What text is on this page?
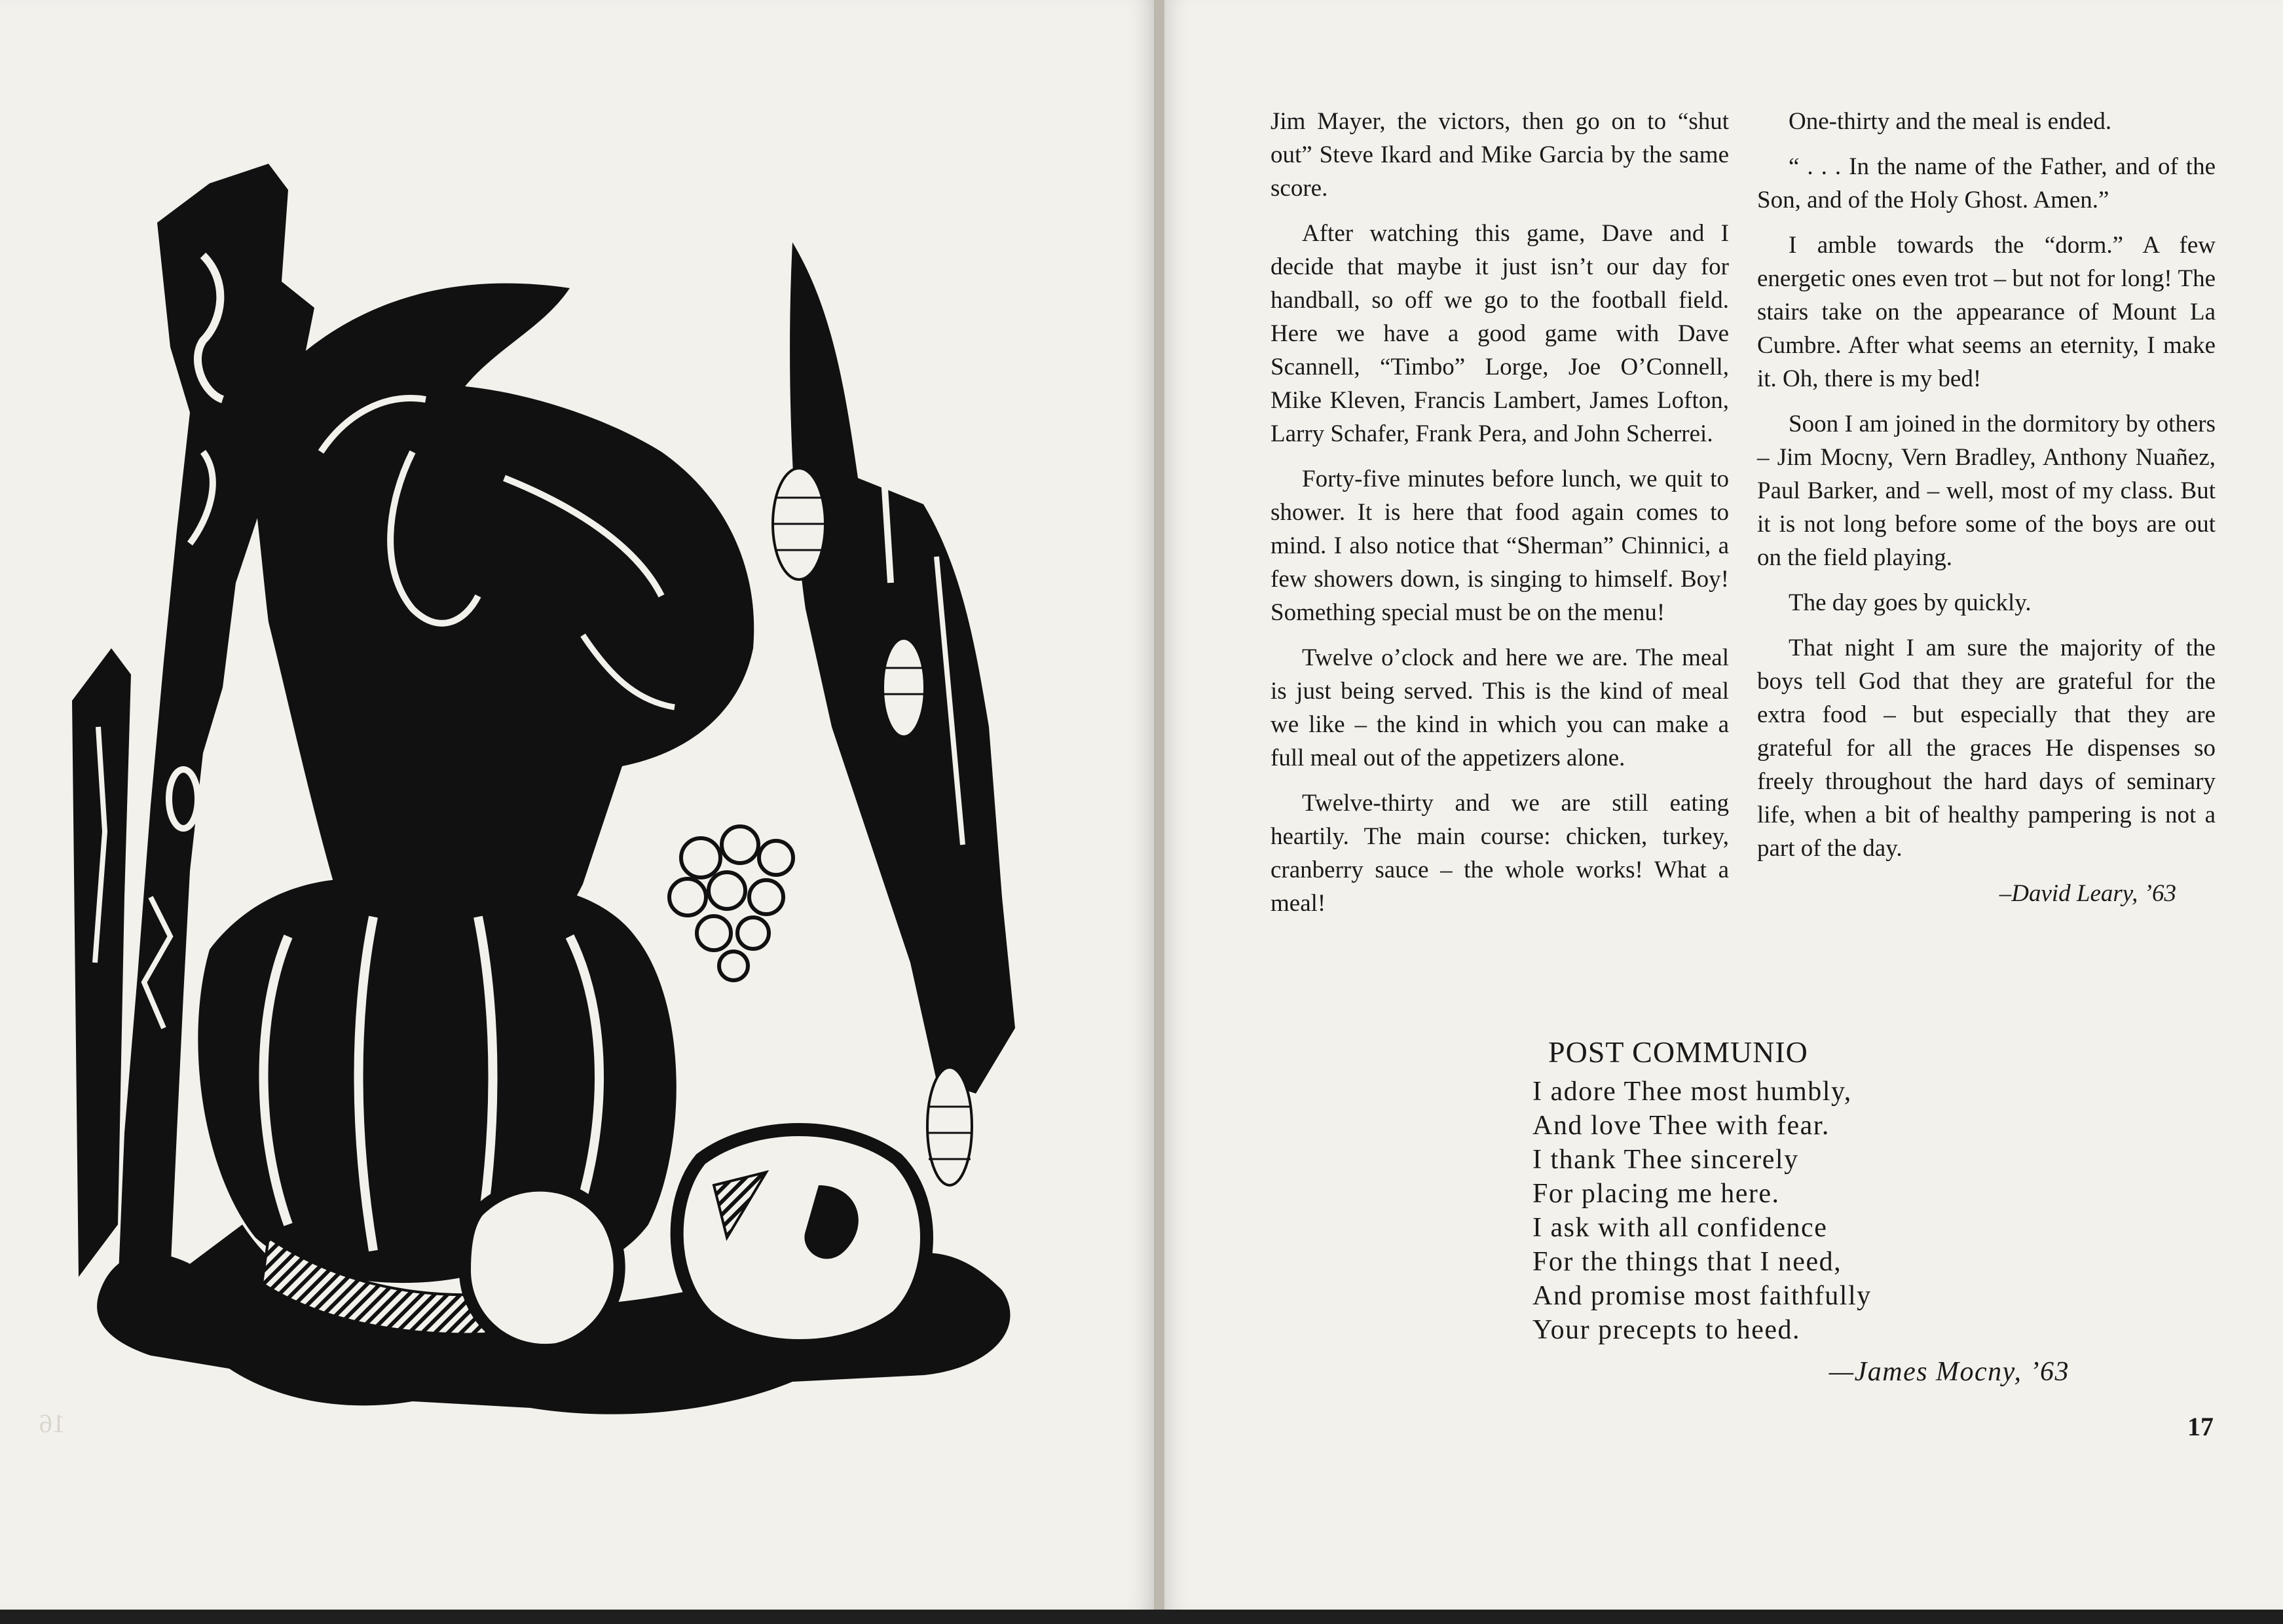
16

Jim Mayer, the victors, then go on to “shut out” Steve Ikard and Mike Garcia by the same score.

After watching this game, Dave and I decide that maybe it just isn’t our day for handball, so off we go to the football field. Here we have a good game with Dave Scannell, “Timbo” Lorge, Joe O’Connell, Mike Kleven, Francis Lambert, James Lofton, Larry Schafer, Frank Pera, and John Scherrei.

Forty-five minutes before lunch, we quit to shower. It is here that food again comes to mind. I also notice that “Sherman” Chinnici, a few showers down, is singing to himself. Boy! Something special must be on the menu!

Twelve o’clock and here we are. The meal is just being served. This is the kind of meal we like – the kind in which you can make a full meal out of the appetizers alone.

Twelve-thirty and we are still eating heartily. The main course: chicken, turkey, cranberry sauce – the whole works! What a meal!

One-thirty and the meal is ended.

“ . . . In the name of the Father, and of the Son, and of the Holy Ghost. Amen.”

I amble towards the “dorm.” A few energetic ones even trot – but not for long! The stairs take on the appearance of Mount La Cumbre. After what seems an eternity, I make it. Oh, there is my bed!

Soon I am joined in the dormitory by others – Jim Mocny, Vern Bradley, Anthony Nuañez, Paul Barker, and – well, most of my class. But it is not long before some of the boys are out on the field playing.

The day goes by quickly.

That night I am sure the majority of the boys tell God that they are grateful for the extra food – but especially that they are grateful for all the graces He dispenses so freely throughout the hard days of seminary life, when a bit of healthy pampering is not a part of the day.

–David Leary, ’63
POST COMMUNIO
I adore Thee most humbly,
And love Thee with fear.
I thank Thee sincerely
For placing me here.
I ask with all confidence
For the things that I need,
And promise most faithfully
Your precepts to heed.
—James Mocny, ’63
17
